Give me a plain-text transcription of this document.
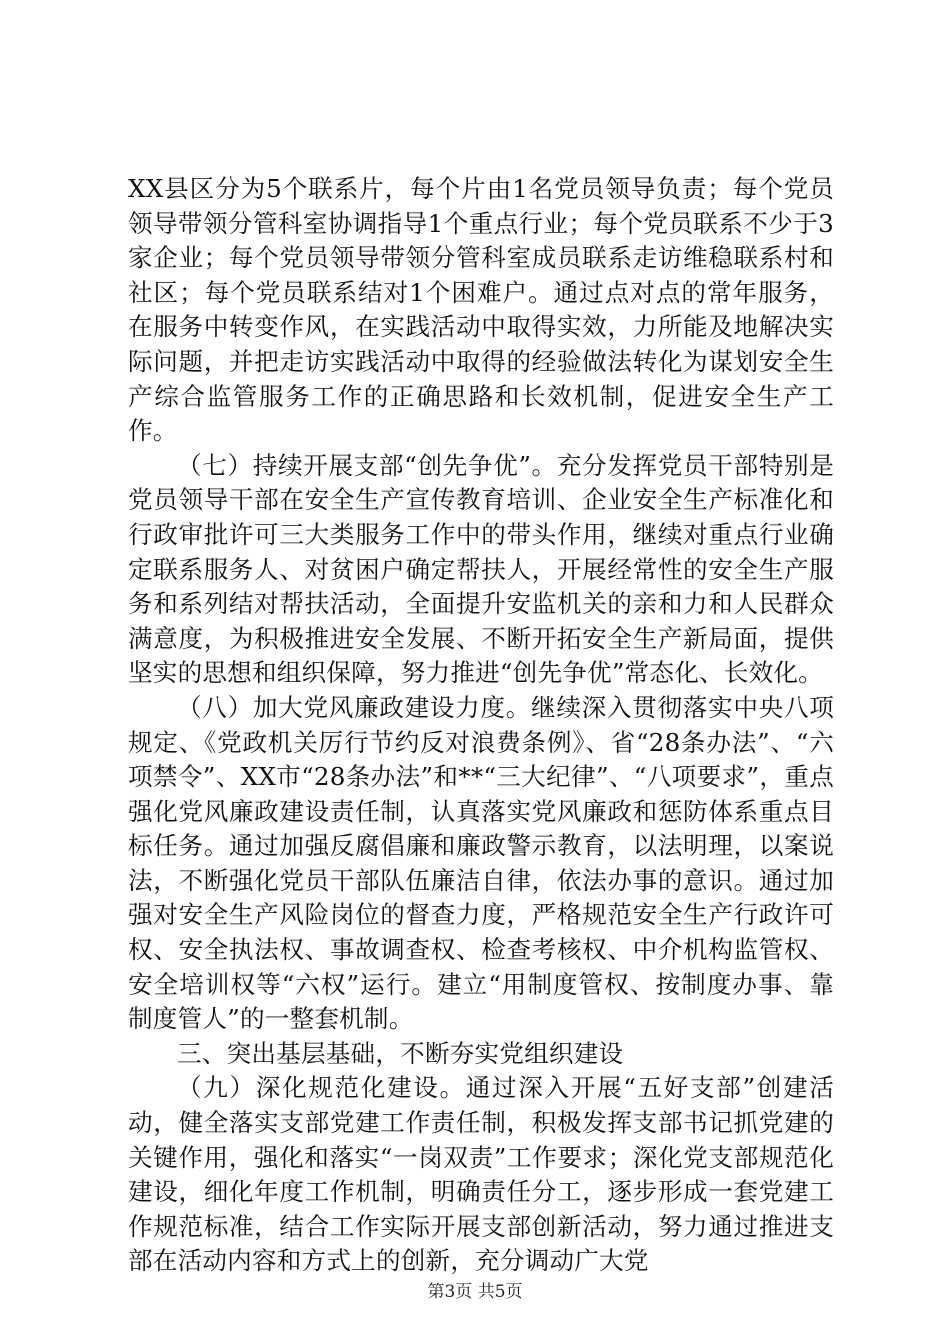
XX县区分为5个联系片，每个片由1名党员领导负责；每个党员领导带领分管科室协调指导1个重点行业；每个党员联系不少于3家企业；每个党员领导带领分管科室成员联系走访维稳联系村和社区；每个党员联系结对1个困难户。通过点对点的常年服务，在服务中转变作风，在实践活动中取得实效，力所能及地解决实际问题，并把走访实践活动中取得的经验做法转化为谋划安全生产综合监管服务工作的正确思路和长效机制，促进安全生产工作。

（七）持续开展支部“创先争优”。充分发挥党员干部特别是党员领导干部在安全生产宣传教育培训、企业安全生产标准化和行政审批许可三大类服务工作中的带头作用，继续对重点行业确定联系服务人、对贫困户确定帮扶人，开展经常性的安全生产服务和系列结对帮扶活动，全面提升安监机关的亲和力和人民群众满意度，为积极推进安全发展、不断开拓安全生产新局面，提供坚实的思想和组织保障，努力推进“创先争优”常态化、长效化。

（八）加大党风廉政建设力度。继续深入贯彻落实中央八项规定、《党政机关厉行节约反对浪费条例》、省“28条办法”、“六项禁令”、XX市“28条办法”和**“三大纪律”、“八项要求”，重点强化党风廉政建设责任制，认真落实党风廉政和惩防体系重点目标任务。通过加强反腐倡廉和廉政警示教育，以法明理，以案说法，不断强化党员干部队伍廉洁自律，依法办事的意识。通过加强对安全生产风险岗位的督查力度，严格规范安全生产行政许可权、安全执法权、事故调查权、检查考核权、中介机构监管权、安全培训权等“六权”运行。建立“用制度管权、按制度办事、靠制度管人”的一整套机制。

三、突出基层基础，不断夯实党组织建设

（九）深化规范化建设。通过深入开展“五好支部”创建活动，健全落实支部党建工作责任制，积极发挥支部书记抓党建的关键作用，强化和落实“一岗双责”工作要求；深化党支部规范化建设，细化年度工作机制，明确责任分工，逐步形成一套党建工作规范标准，结合工作实际开展支部创新活动，努力通过推进支部在活动内容和方式上的创新，充分调动广大党

第3页 共5页
